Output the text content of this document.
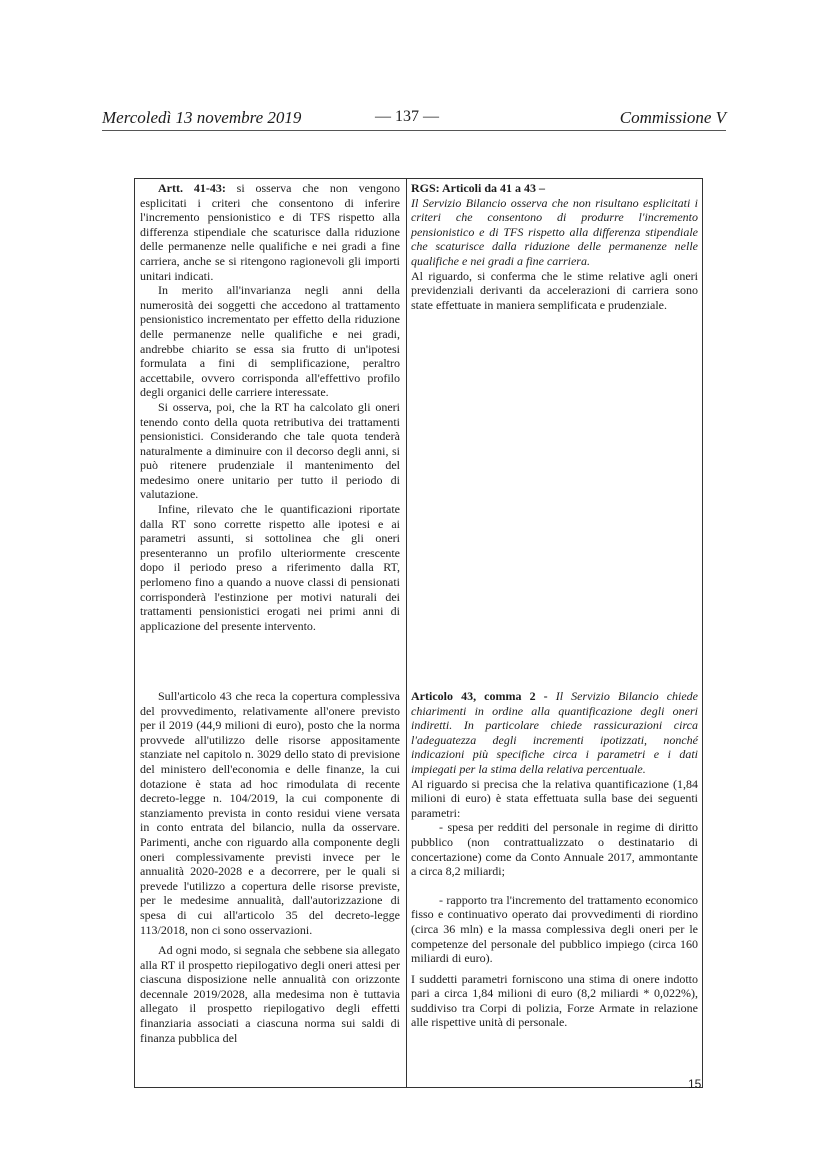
Mercoledì 13 novembre 2019	— 137 —	Commissione V

Artt. 41-43: si osserva che non vengono esplicitati i criteri che consentono di inferire l'incremento pensionistico e di TFS rispetto alla differenza stipendiale che scaturisce dalla riduzione delle permanenze nelle qualifiche e nei gradi a fine carriera, anche se si ritengono ragionevoli gli importi unitari indicati.

In merito all'invarianza negli anni della numerosità dei soggetti che accedono al trattamento pensionistico incrementato per effetto della riduzione delle permanenze nelle qualifiche e nei gradi, andrebbe chiarito se essa sia frutto di un'ipotesi formulata a fini di semplificazione, peraltro accettabile, ovvero corrisponda all'effettivo profilo degli organici delle carriere interessate.

Si osserva, poi, che la RT ha calcolato gli oneri tenendo conto della quota retributiva dei trattamenti pensionistici. Considerando che tale quota tenderà naturalmente a diminuire con il decorso degli anni, si può ritenere prudenziale il mantenimento del medesimo onere unitario per tutto il periodo di valutazione.

Infine, rilevato che le quantificazioni riportate dalla RT sono corrette rispetto alle ipotesi e ai parametri assunti, si sottolinea che gli oneri presenteranno un profilo ulteriormente crescente dopo il periodo preso a riferimento dalla RT, perlomeno fino a quando a nuove classi di pensionati corrisponderà l'estinzione per motivi naturali dei trattamenti pensionistici erogati nei primi anni di applicazione del presente intervento.

RGS: Articoli da 41 a 43 –

Il Servizio Bilancio osserva che non risultano esplicitati i criteri che consentono di produrre l'incremento pensionistico e di TFS rispetto alla differenza stipendiale che scaturisce dalla riduzione delle permanenze nelle qualifiche e nei gradi a fine carriera.

Al riguardo, si conferma che le stime relative agli oneri previdenziali derivanti da accelerazioni di carriera sono state effettuate in maniera semplificata e prudenziale.

Sull'articolo 43 che reca la copertura complessiva del provvedimento, relativamente all'onere previsto per il 2019 (44,9 milioni di euro), posto che la norma provvede all'utilizzo delle risorse appositamente stanziate nel capitolo n. 3029 dello stato di previsione del ministero dell'economia e delle finanze, la cui dotazione è stata ad hoc rimodulata di recente decreto-legge n. 104/2019, la cui componente di stanziamento prevista in conto residui viene versata in conto entrata del bilancio, nulla da osservare. Parimenti, anche con riguardo alla componente degli oneri complessivamente previsti invece per le annualità 2020-2028 e a decorrere, per le quali si prevede l'utilizzo a copertura delle risorse previste, per le medesime annualità, dall'autorizzazione di spesa di cui all'articolo 35 del decreto-legge 113/2018, non ci sono osservazioni.

Ad ogni modo, si segnala che sebbene sia allegato alla RT il prospetto riepilogativo degli oneri attesi per ciascuna disposizione nelle annualità con orizzonte decennale 2019/2028, alla medesima non è tuttavia allegato il prospetto riepilogativo degli effetti finanziaria associati a ciascuna norma sui saldi di finanza pubblica del

Articolo 43, comma 2 - Il Servizio Bilancio chiede chiarimenti in ordine alla quantificazione degli oneri indiretti. In particolare chiede rassicurazioni circa l'adeguatezza degli incrementi ipotizzati, nonché indicazioni più specifiche circa i parametri e i dati impiegati per la stima della relativa percentuale.

Al riguardo si precisa che la relativa quantificazione (1,84 milioni di euro) è stata effettuata sulla base dei seguenti parametri:

- spesa per redditi del personale in regime di diritto pubblico (non contrattualizzato o destinatario di concertazione) come da Conto Annuale 2017, ammontante a circa 8,2 miliardi;

- rapporto tra l'incremento del trattamento economico fisso e continuativo operato dai provvedimenti di riordino (circa 36 mln) e la massa complessiva degli oneri per le competenze del personale del pubblico impiego (circa 160 miliardi di euro).

I suddetti parametri forniscono una stima di onere indotto pari a circa 1,84 milioni di euro (8,2 miliardi * 0,022%), suddiviso tra Corpi di polizia, Forze Armate in relazione alle rispettive unità di personale.

15
